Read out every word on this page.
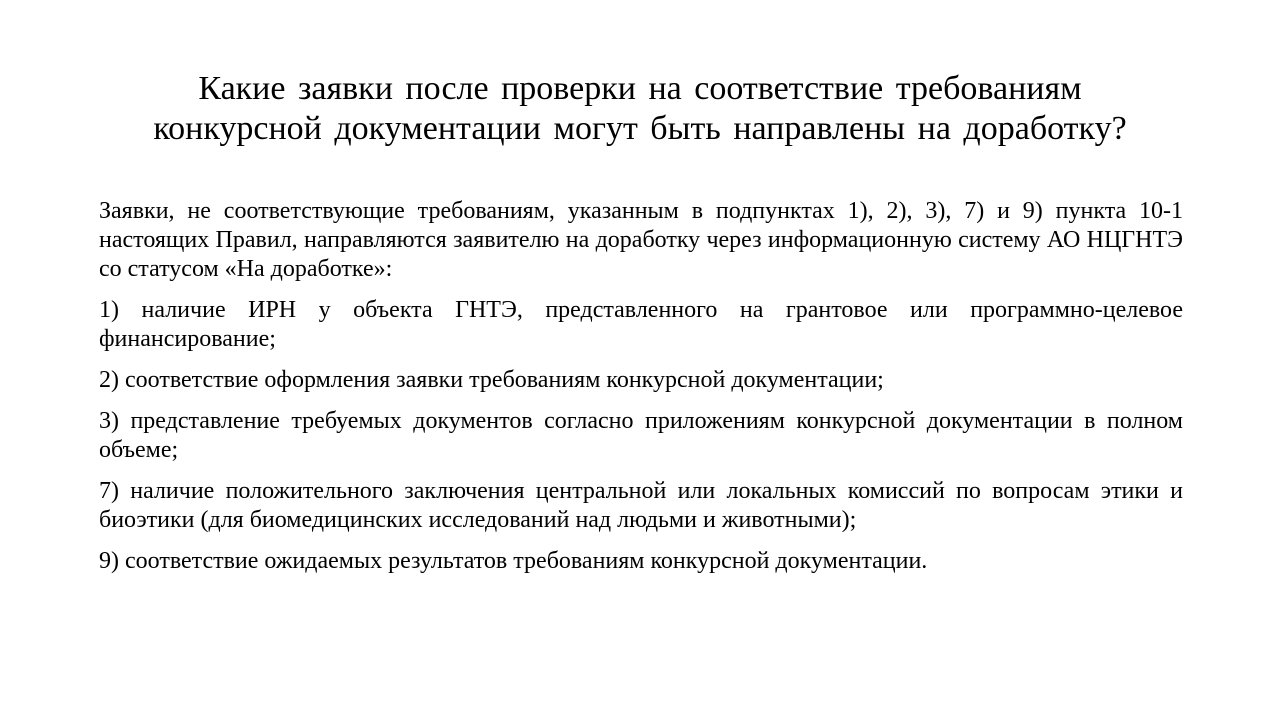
Какие заявки после проверки на соответствие требованиям
конкурсной документации могут быть направлены на доработку?

Заявки, не соответствующие требованиям, указанным в подпунктах 1), 2), 3), 7) и 9) пункта 10-1 настоящих Правил, направляются заявителю на доработку через информационную систему АО НЦГНТЭ со статусом «На доработке»:

1) наличие ИРН у объекта ГНТЭ, представленного на грантовое или программно-целевое финансирование;

2) соответствие оформления заявки требованиям конкурсной документации;

3) представление требуемых документов согласно приложениям конкурсной документации в полном объеме;

7) наличие положительного заключения центральной или локальных комиссий по вопросам этики и биоэтики (для биомедицинских исследований над людьми и животными);

9) соответствие ожидаемых результатов требованиям конкурсной документации.
